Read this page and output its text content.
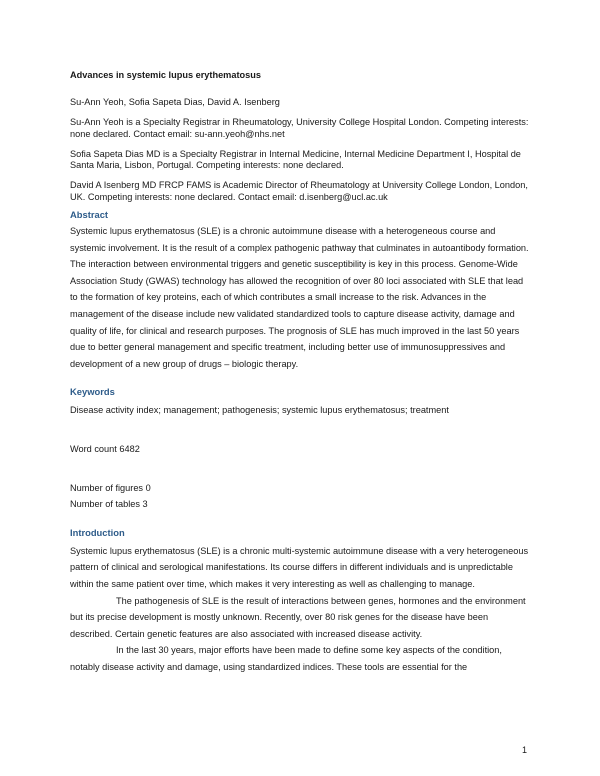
Advances in systemic lupus erythematosus

Su-Ann Yeoh, Sofia Sapeta Dias, David A. Isenberg

Su-Ann Yeoh is a Specialty Registrar in Rheumatology, University College Hospital London. Competing interests: none declared. Contact email: su-ann.yeoh@nhs.net

Sofia Sapeta Dias MD is a Specialty Registrar in Internal Medicine, Internal Medicine Department I, Hospital de Santa Maria, Lisbon, Portugal. Competing interests: none declared.

David A Isenberg MD FRCP FAMS is Academic Director of Rheumatology at University College London, London, UK. Competing interests: none declared. Contact email: d.isenberg@ucl.ac.uk

Abstract

Systemic lupus erythematosus (SLE) is a chronic autoimmune disease with a heterogeneous course and systemic involvement. It is the result of a complex pathogenic pathway that culminates in autoantibody formation. The interaction between environmental triggers and genetic susceptibility is key in this process. Genome-Wide Association Study (GWAS) technology has allowed the recognition of over 80 loci associated with SLE that lead to the formation of key proteins, each of which contributes a small increase to the risk. Advances in the management of the disease include new validated standardized tools to capture disease activity, damage and quality of life, for clinical and research purposes. The prognosis of SLE has much improved in the last 50 years due to better general management and specific treatment, including better use of immunosuppressives and development of a new group of drugs – biologic therapy.

Keywords

Disease activity index; management; pathogenesis; systemic lupus erythematosus; treatment

Word count 6482

Number of figures 0

Number of tables 3

Introduction

Systemic lupus erythematosus (SLE) is a chronic multi-systemic autoimmune disease with a very heterogeneous pattern of clinical and serological manifestations. Its course differs in different individuals and is unpredictable within the same patient over time, which makes it very interesting as well as challenging to manage.

The pathogenesis of SLE is the result of interactions between genes, hormones and the environment but its precise development is mostly unknown. Recently, over 80 risk genes for the disease have been described. Certain genetic features are also associated with increased disease activity.

In the last 30 years, major efforts have been made to define some key aspects of the condition, notably disease activity and damage, using standardized indices. These tools are essential for the

1
